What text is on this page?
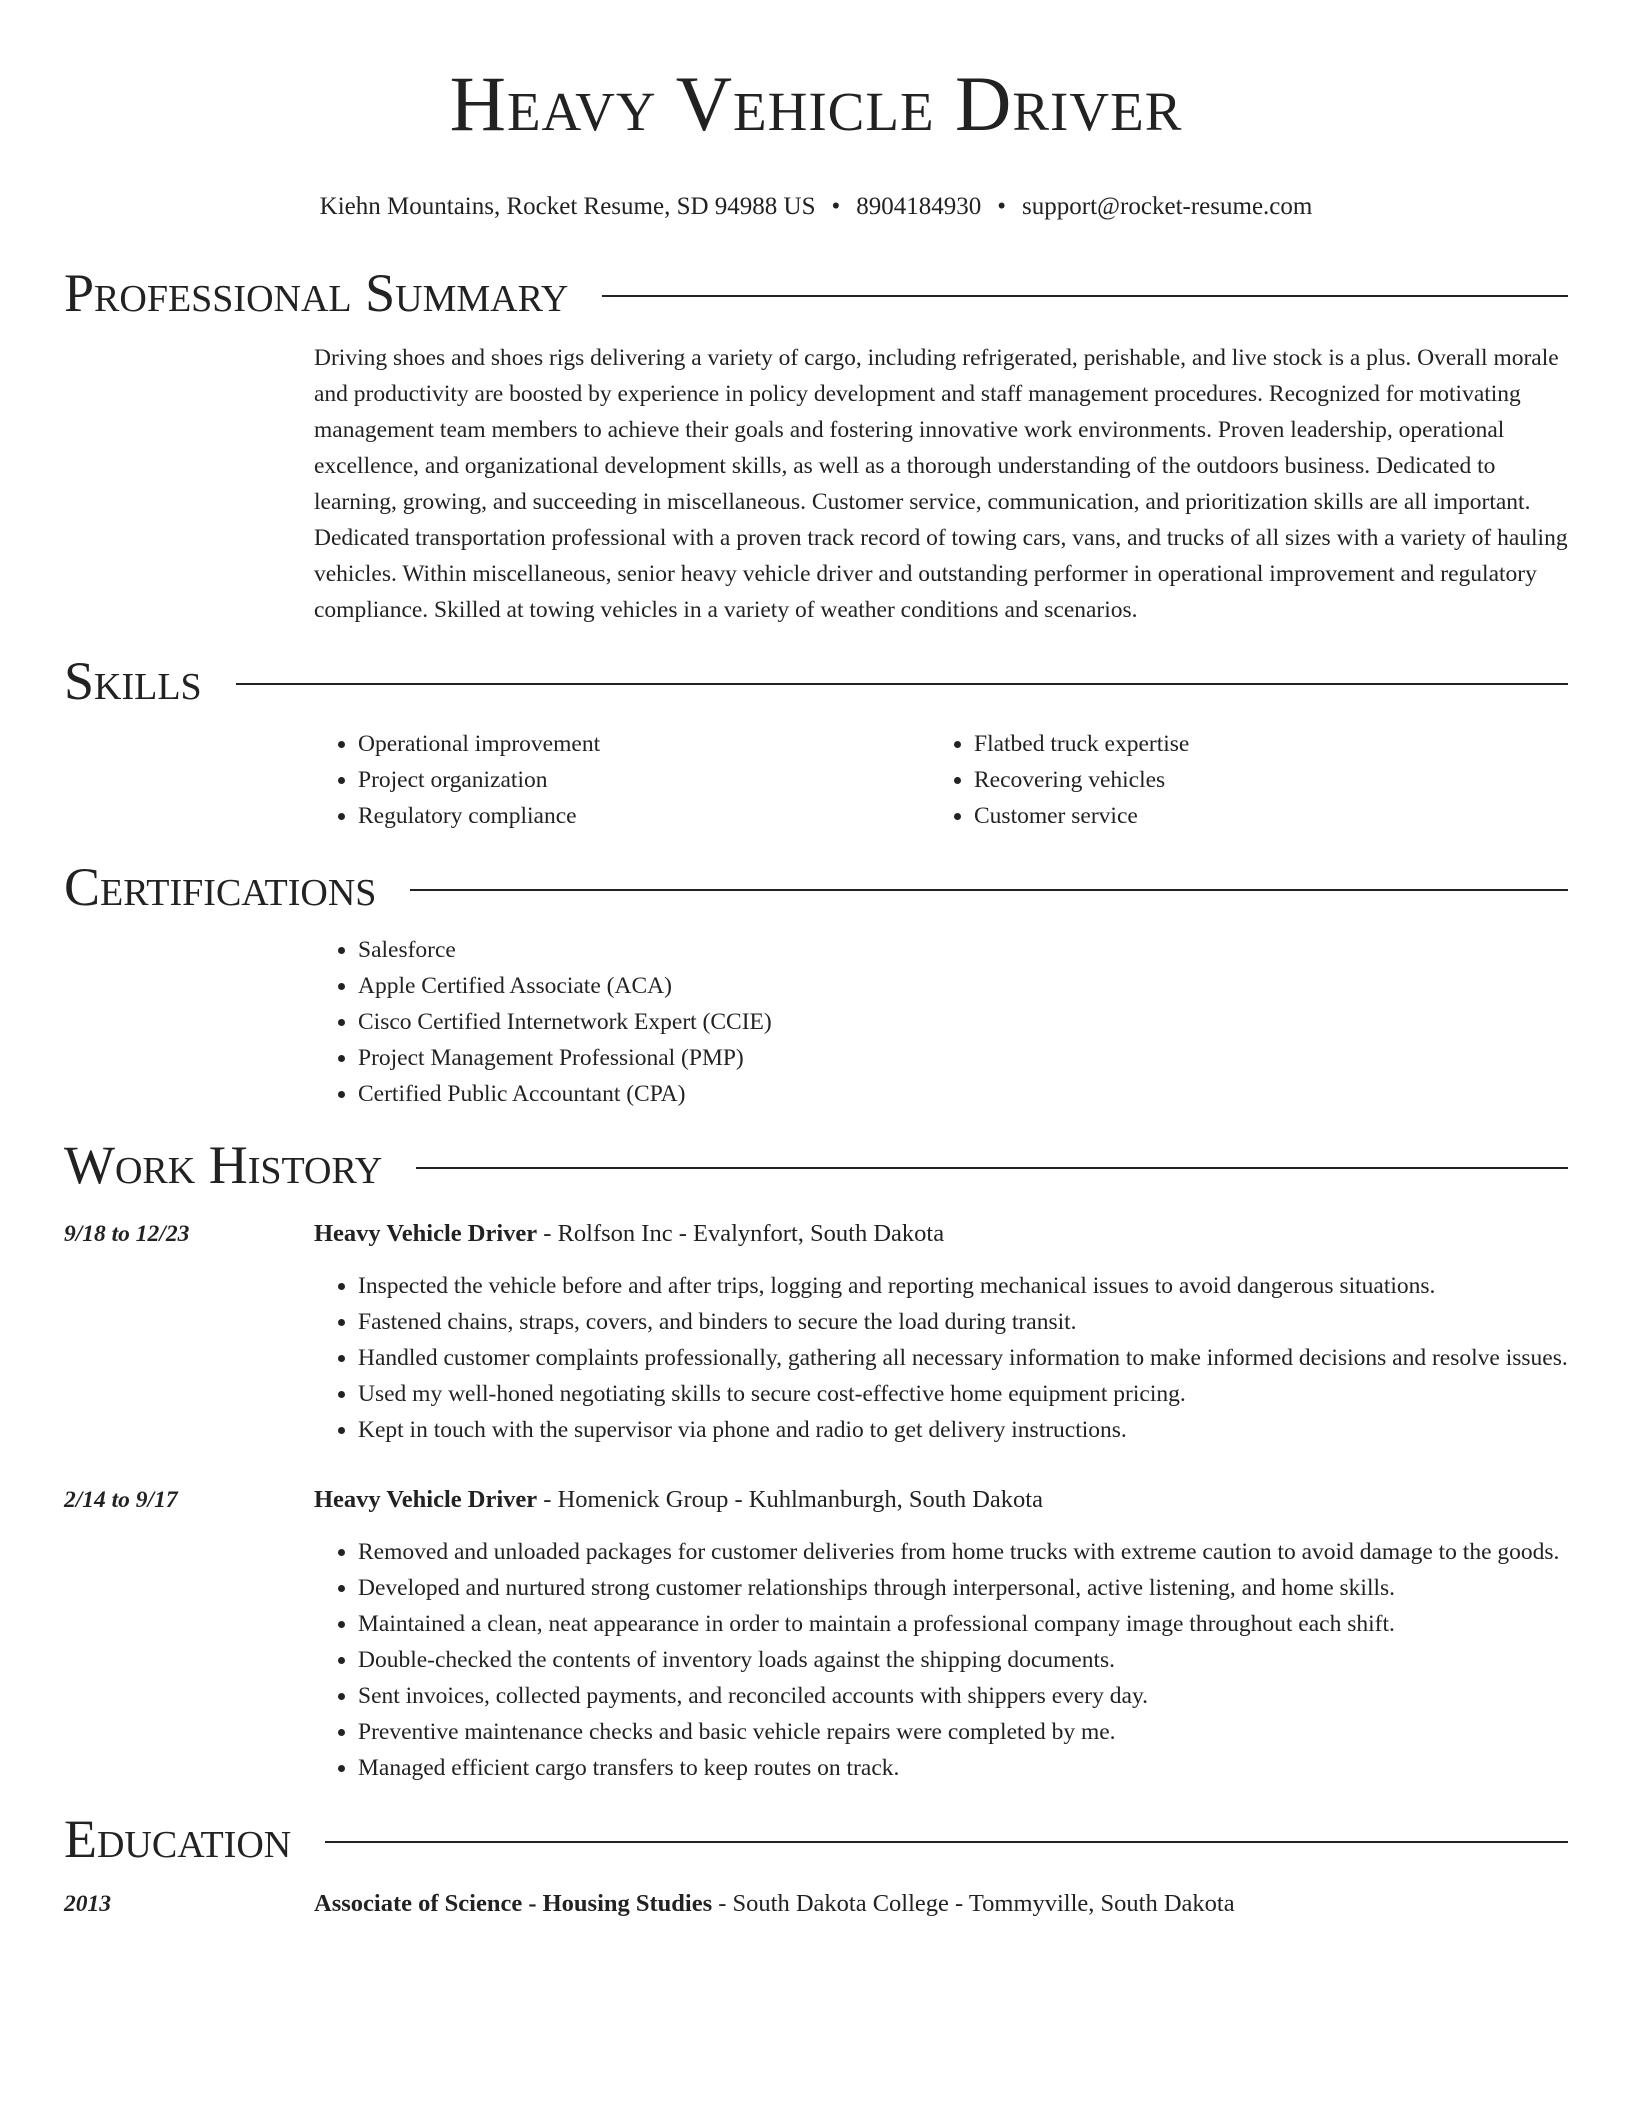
Heavy Vehicle Driver
Kiehn Mountains, Rocket Resume, SD 94988 US • 8904184930 • support@rocket-resume.com
Professional Summary

Driving shoes and shoes rigs delivering a variety of cargo, including refrigerated, perishable, and live stock is a plus. Overall morale and productivity are boosted by experience in policy development and staff management procedures. Recognized for motivating management team members to achieve their goals and fostering innovative work environments. Proven leadership, operational excellence, and organizational development skills, as well as a thorough understanding of the outdoors business. Dedicated to learning, growing, and succeeding in miscellaneous. Customer service, communication, and prioritization skills are all important. Dedicated transportation professional with a proven track record of towing cars, vans, and trucks of all sizes with a variety of hauling vehicles. Within miscellaneous, senior heavy vehicle driver and outstanding performer in operational improvement and regulatory compliance. Skilled at towing vehicles in a variety of weather conditions and scenarios.

Skills
• Operational improvement
• Project organization
• Regulatory compliance
• Flatbed truck expertise
• Recovering vehicles
• Customer service
Certifications
• Salesforce
• Apple Certified Associate (ACA)
• Cisco Certified Internetwork Expert (CCIE)
• Project Management Professional (PMP)
• Certified Public Accountant (CPA)
Work History
9/18 to 12/23	Heavy Vehicle Driver - Rolfson Inc - Evalynfort, South Dakota
• Inspected the vehicle before and after trips, logging and reporting mechanical issues to avoid dangerous situations.
• Fastened chains, straps, covers, and binders to secure the load during transit.
• Handled customer complaints professionally, gathering all necessary information to make informed decisions and resolve issues.
• Used my well-honed negotiating skills to secure cost-effective home equipment pricing.
• Kept in touch with the supervisor via phone and radio to get delivery instructions.
2/14 to 9/17	Heavy Vehicle Driver - Homenick Group - Kuhlmanburgh, South Dakota
• Removed and unloaded packages for customer deliveries from home trucks with extreme caution to avoid damage to the goods.
• Developed and nurtured strong customer relationships through interpersonal, active listening, and home skills.
• Maintained a clean, neat appearance in order to maintain a professional company image throughout each shift.
• Double-checked the contents of inventory loads against the shipping documents.
• Sent invoices, collected payments, and reconciled accounts with shippers every day.
• Preventive maintenance checks and basic vehicle repairs were completed by me.
• Managed efficient cargo transfers to keep routes on track.
Education
2013	Associate of Science - Housing Studies - South Dakota College - Tommyville, South Dakota
